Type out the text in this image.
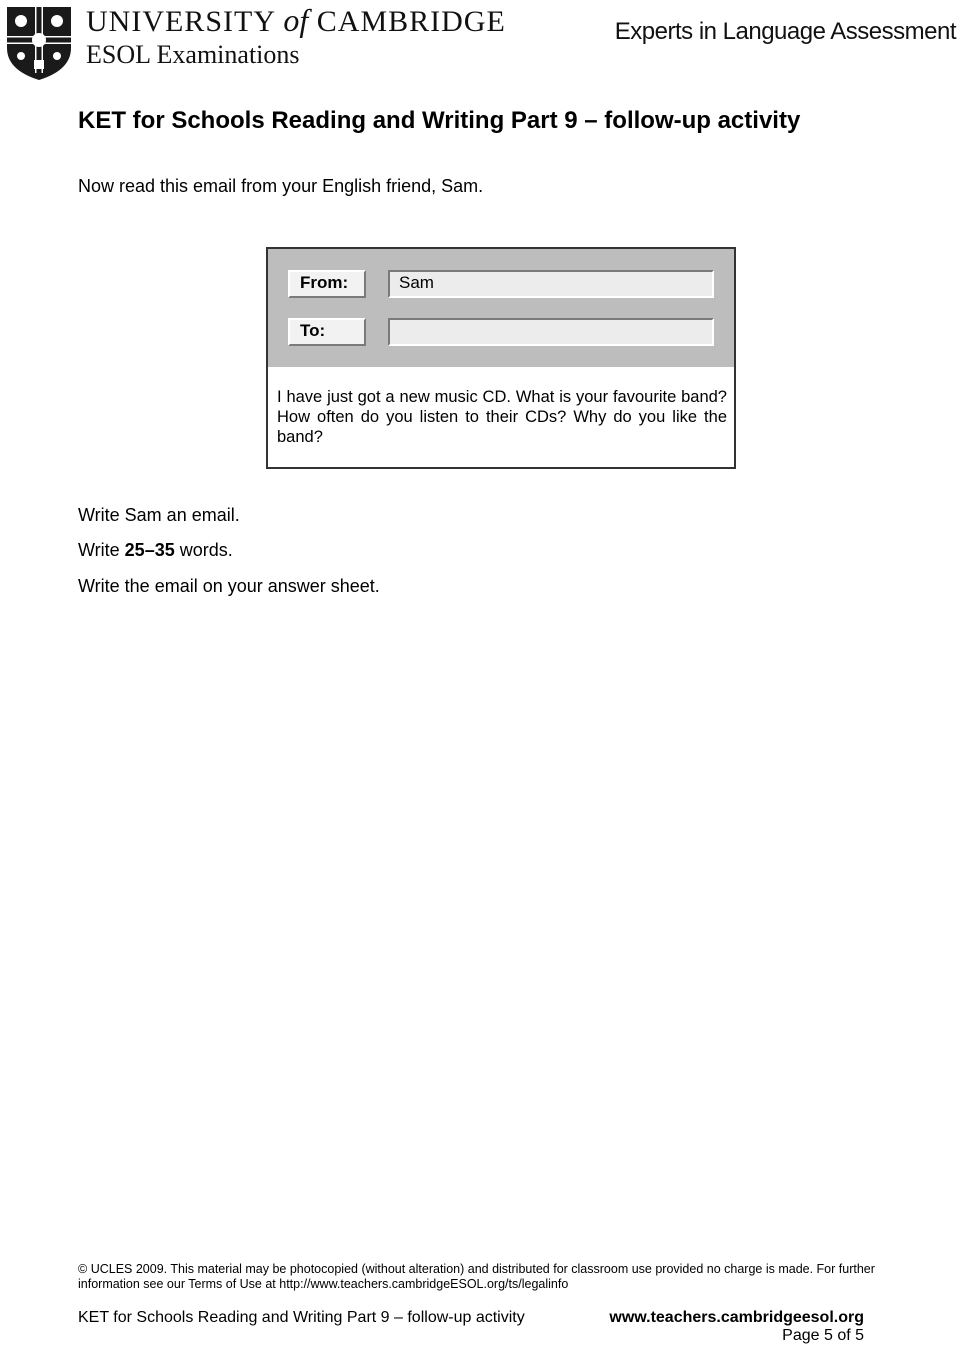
UNIVERSITY of CAMBRIDGE
ESOL Examinations
Experts in Language Assessment
KET for Schools Reading and Writing Part 9 – follow-up activity
Now read this email from your English friend, Sam.
From:	Sam
To:
I have just got a new music CD. What is your favourite band? How often do you listen to their CDs? Why do you like the band?
Write Sam an email.
Write 25–35 words.
Write the email on your answer sheet.
© UCLES 2009. This material may be photocopied (without alteration) and distributed for classroom use provided no charge is made. For further information see our Terms of Use at http://www.teachers.cambridgeESOL.org/ts/legalinfo
KET for Schools Reading and Writing Part 9 – follow-up activity	www.teachers.cambridgeesol.org
Page 5 of 5
